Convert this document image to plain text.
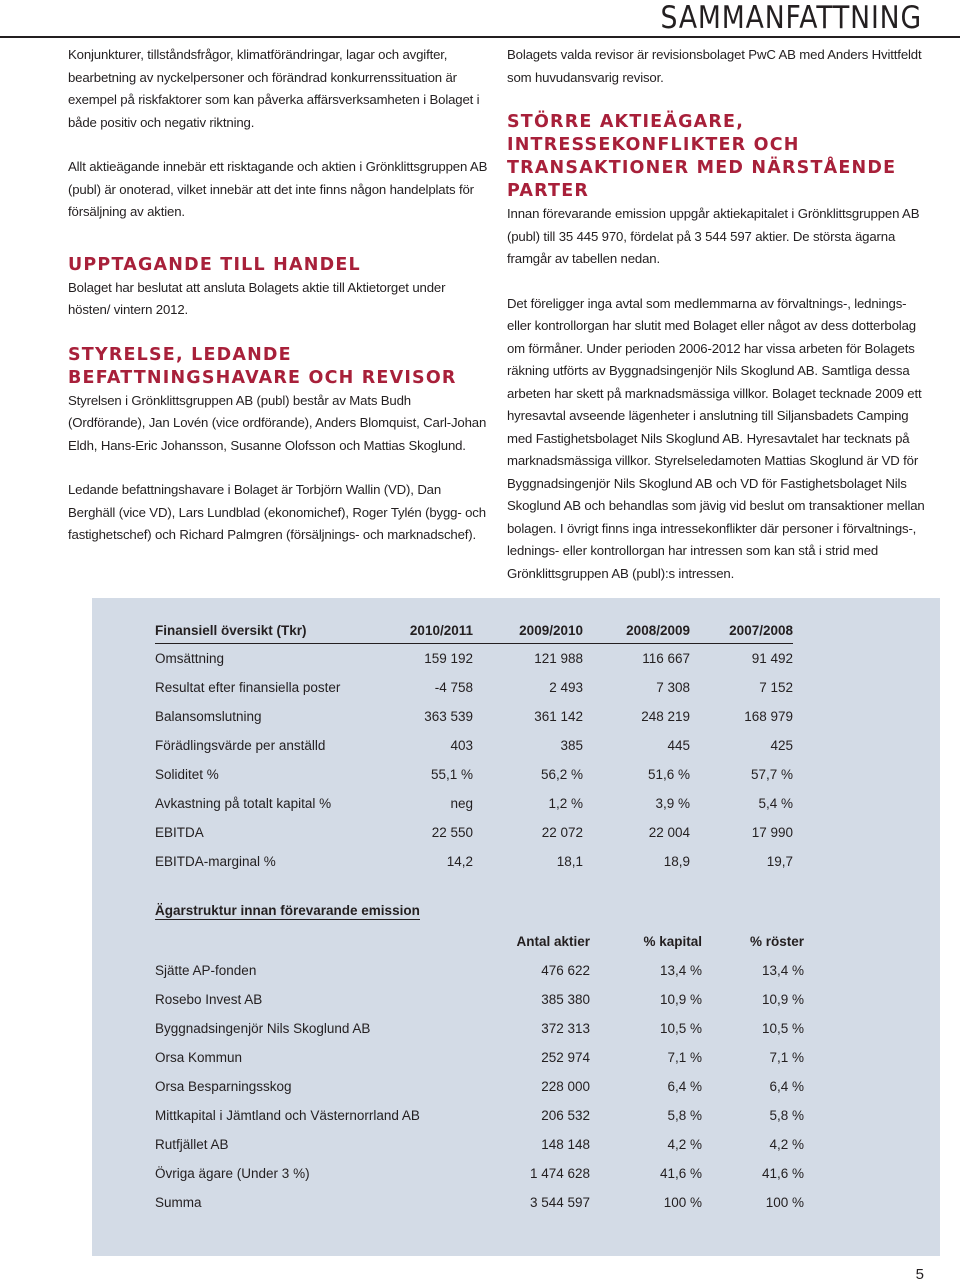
SAMMANFATTNING

Konjunkturer, tillståndsfrågor, klimatförändringar, lagar och avgifter, bearbetning av nyckelpersoner och förändrad konkurrenssituation är exempel på riskfaktorer som kan påverka affärsverksamheten i Bolaget i både positiv och negativ riktning.

Allt aktieägande innebär ett risktagande och aktien i Grönklittsgruppen AB (publ) är onoterad, vilket innebär att det inte finns någon handelplats för försäljning av aktien.

UPPTAGANDE TILL HANDEL

Bolaget har beslutat att ansluta Bolagets aktie till Aktietorget under hösten/ vintern 2012.

STYRELSE, LEDANDE BEFATTNINGSHAVARE OCH REVISOR

Styrelsen i Grönklittsgruppen AB (publ) består av Mats Budh (Ordförande), Jan Lovén (vice ordförande), Anders Blomquist, Carl-Johan Eldh, Hans-Eric Johansson, Susanne Olofsson och Mattias Skoglund.

Ledande befattningshavare i Bolaget är Torbjörn Wallin (VD), Dan Berghäll (vice VD), Lars Lundblad (ekonomichef), Roger Tylén (bygg- och fastighetschef) och Richard Palmgren (försäljnings- och marknadschef).

Bolagets valda revisor är revisionsbolaget PwC AB med Anders Hvittfeldt som huvudansvarig revisor.

STÖRRE AKTIEÄGARE, INTRESSEKONFLIKTER OCH TRANSAKTIONER MED NÄRSTÅENDE PARTER

Innan förevarande emission uppgår aktiekapitalet i Grönklittsgruppen AB (publ) till 35 445 970, fördelat på 3 544 597 aktier. De största ägarna framgår av tabellen nedan.

Det föreligger inga avtal som medlemmarna av förvaltnings-, lednings- eller kontrollorgan har slutit med Bolaget eller något av dess dotterbolag om förmåner. Under perioden 2006-2012 har vissa arbeten för Bolagets räkning utförts av Byggnadsingenjör Nils Skoglund AB. Samtliga dessa arbeten har skett på marknadsmässiga villkor. Bolaget tecknade 2009 ett hyresavtal avseende lägenheter i anslutning till Siljansbadets Camping med Fastighetsbolaget Nils Skoglund AB. Hyresavtalet har tecknats på marknadsmässiga villkor. Styrelseledamoten Mattias Skoglund är VD för Byggnadsingenjör Nils Skoglund AB och VD för Fastighetsbolaget Nils Skoglund AB och behandlas som jävig vid beslut om transaktioner mellan bolagen. I övrigt finns inga intressekonflikter där personer i förvaltnings-, lednings- eller kontrollorgan har intressen som kan stå i strid med Grönklittsgruppen AB (publ):s intressen.

Finansiell översikt (Tkr)	2010/2011	2009/2010	2008/2009	2007/2008
Omsättning	159 192	121 988	116 667	91 492
Resultat efter finansiella poster	-4 758	2 493	7 308	7 152
Balansomslutning	363 539	361 142	248 219	168 979
Förädlingsvärde per anställd	403	385	445	425
Soliditet %	55,1 %	56,2 %	51,6 %	57,7 %
Avkastning på totalt kapital %	neg	1,2 %	3,9 %	5,4 %
EBITDA	22 550	22 072	22 004	17 990
EBITDA-marginal %	14,2	18,1	18,9	19,7
Ägarstruktur innan förevarande emission
	Antal aktier	% kapital	% röster
Sjätte AP-fonden	476 622	13,4 %	13,4 %
Rosebo Invest AB	385 380	10,9 %	10,9 %
Byggnadsingenjör Nils Skoglund AB	372 313	10,5 %	10,5 %
Orsa Kommun	252 974	7,1 %	7,1 %
Orsa Besparningsskog	228 000	6,4 %	6,4 %
Mittkapital i Jämtland och Västernorrland AB	206 532	5,8 %	5,8 %
Rutfjället AB	148 148	4,2 %	4,2 %
Övriga ägare (Under 3 %)	1 474 628	41,6 %	41,6 %
Summa	3 544 597	100 %	100 %
5
